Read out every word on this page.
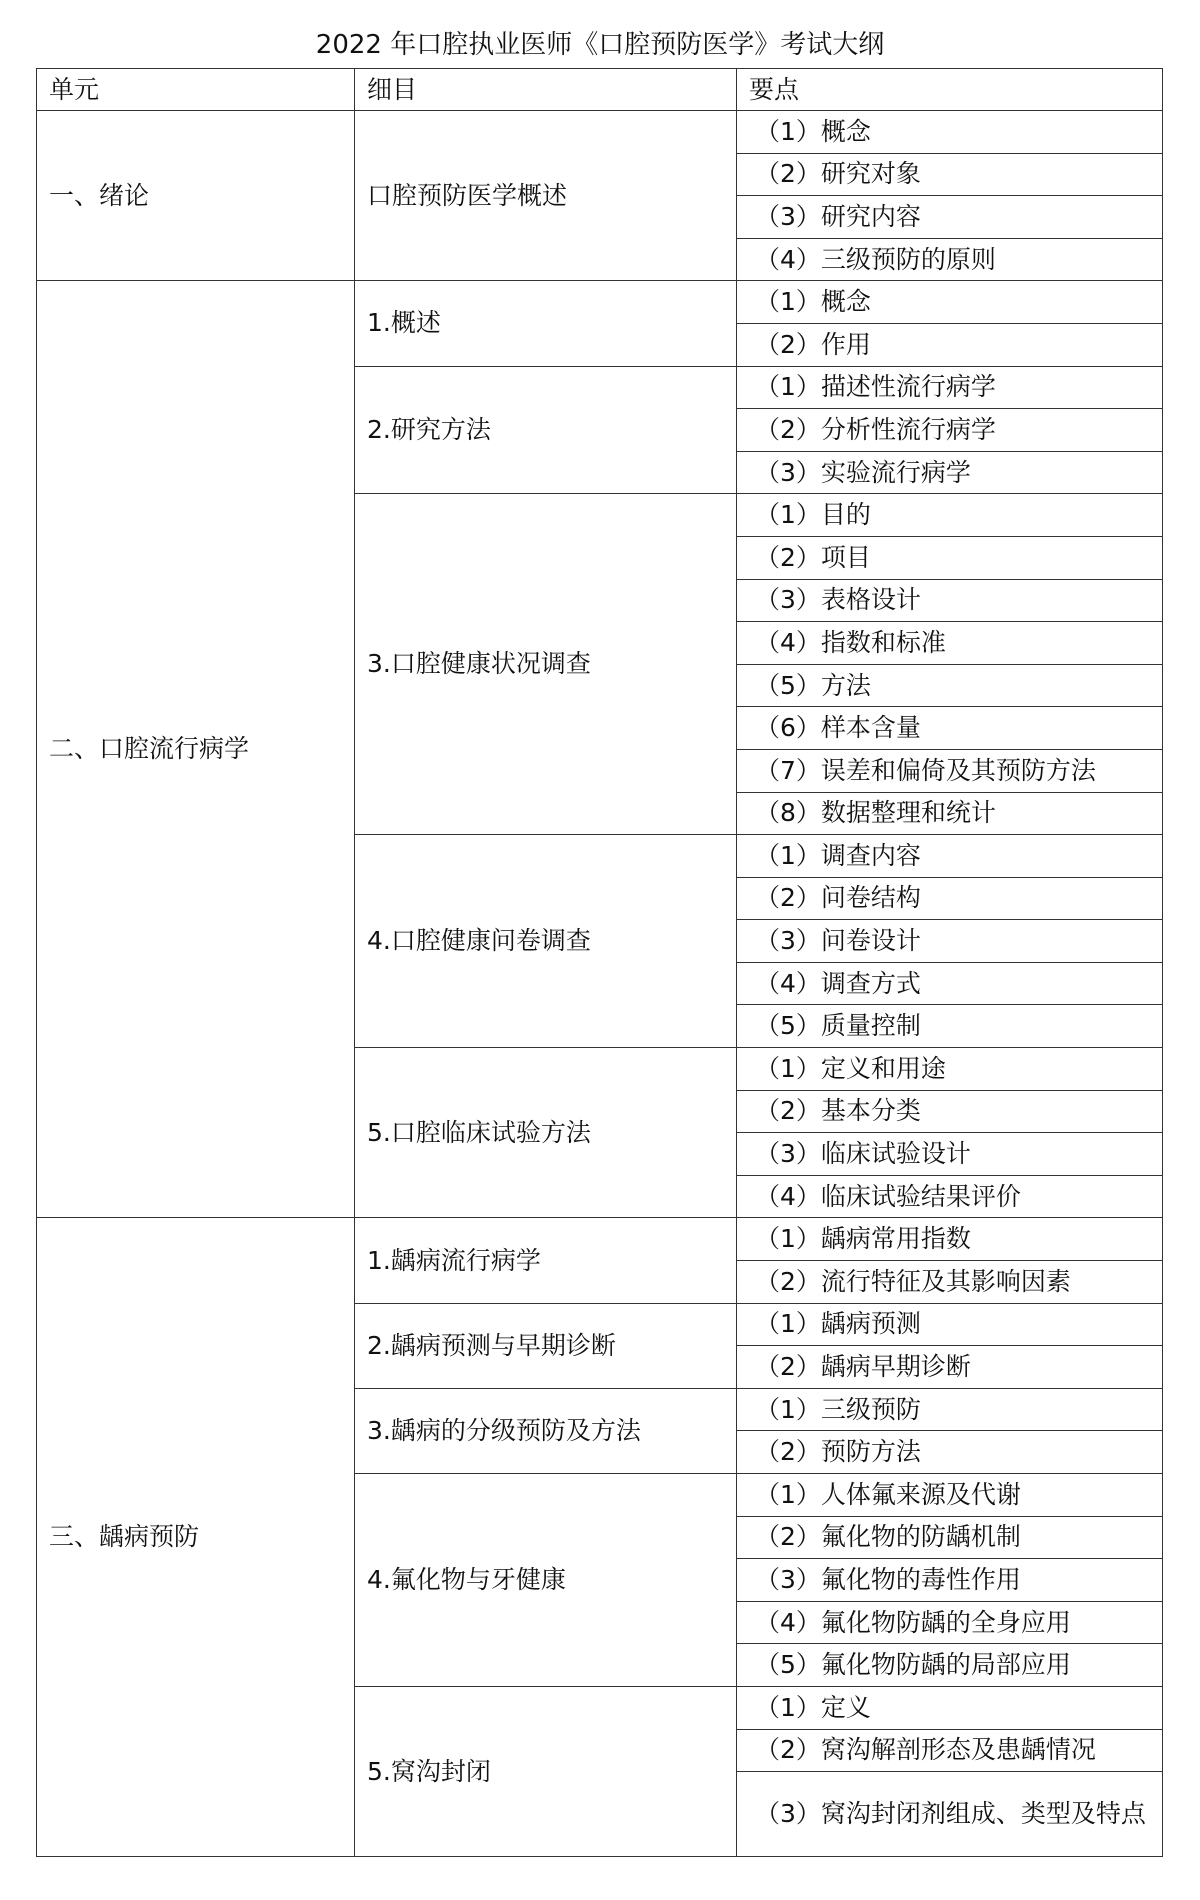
2022 年口腔执业医师《口腔预防医学》考试大纲
单元	细目	要点
一、绪论	口腔预防医学概述	（1）概念
		（2）研究对象
		（3）研究内容
		（4）三级预防的原则
二、口腔流行病学	1.概述	（1）概念
		（2）作用
	2.研究方法	（1）描述性流行病学
		（2）分析性流行病学
		（3）实验流行病学
	3.口腔健康状况调查	（1）目的
		（2）项目
		（3）表格设计
		（4）指数和标准
		（5）方法
		（6）样本含量
		（7）误差和偏倚及其预防方法
		（8）数据整理和统计
	4.口腔健康问卷调查	（1）调查内容
		（2）问卷结构
		（3）问卷设计
		（4）调查方式
		（5）质量控制
	5.口腔临床试验方法	（1）定义和用途
		（2）基本分类
		（3）临床试验设计
		（4）临床试验结果评价
三、龋病预防	1.龋病流行病学	（1）龋病常用指数
		（2）流行特征及其影响因素
	2.龋病预测与早期诊断	（1）龋病预测
		（2）龋病早期诊断
	3.龋病的分级预防及方法	（1）三级预防
		（2）预防方法
	4.氟化物与牙健康	（1）人体氟来源及代谢
		（2）氟化物的防龋机制
		（3）氟化物的毒性作用
		（4）氟化物防龋的全身应用
		（5）氟化物防龋的局部应用
	5.窝沟封闭	（1）定义
		（2）窝沟解剖形态及患龋情况
		（3）窝沟封闭剂组成、类型及特点
